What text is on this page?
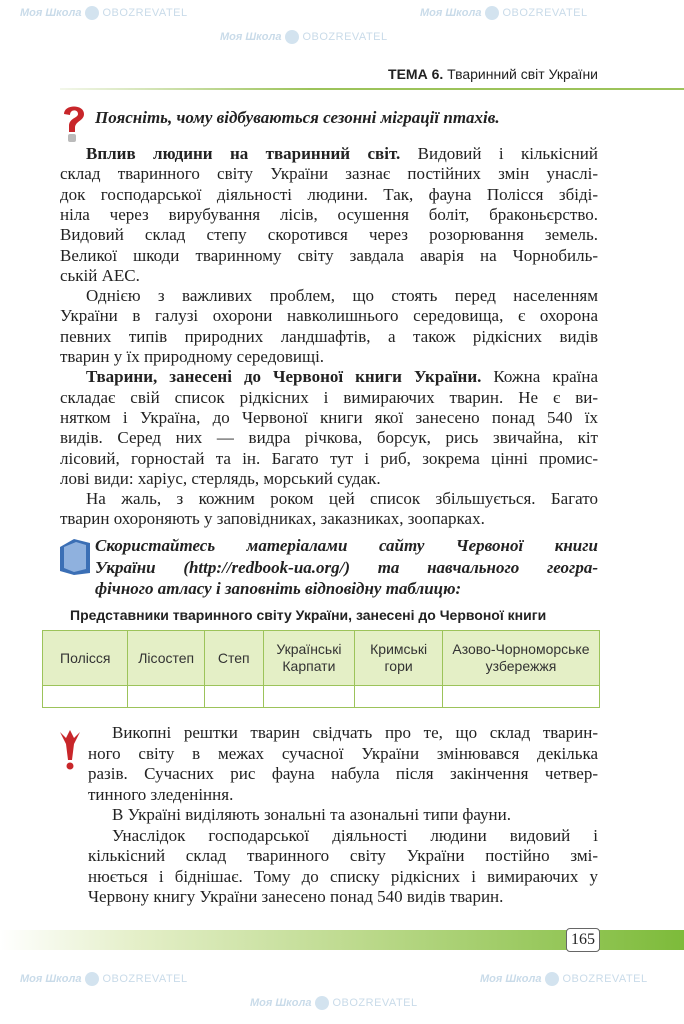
Моя Школа OBOZREVATEL
Моя Школа OBOZREVATEL
Моя Школа OBOZREVATEL
Моя Школа OBOZREVATEL
Моя Школа OBOZREVATEL
Моя Школа OBOZREVATEL
ТЕМА 6. Тваринний світ України
Поясніть, чому відбуваються сезонні міграції птахів.
Вплив людини на тваринний світ. Видовий і кількісний
склад тваринного світу України зазнає постійних змін унаслі-
док господарської діяльності людини. Так, фауна Полісся збіді-
ніла через вирубування лісів, осушення боліт, браконьєрство.
Видовий склад степу скоротився через розорювання земель.
Великої шкоди тваринному світу завдала аварія на Чорнобиль-
ській АЕС.
Однією з важливих проблем, що стоять перед населенням
України в галузі охорони навколишнього середовища, є охорона
певних типів природних ландшафтів, а також рідкісних видів
тварин у їх природному середовищі.
Тварини, занесені до Червоної книги України. Кожна країна
складає свій список рідкісних і вимираючих тварин. Не є ви-
нятком і Україна, до Червоної книги якої занесено понад 540 їх
видів. Серед них — видра річкова, борсук, рись звичайна, кіт
лісовий, горностай та ін. Багато тут і риб, зокрема цінні промис-
лові види: харіус, стерлядь, морський судак.
На жаль, з кожним роком цей список збільшується. Багато
тварин охороняють у заповідниках, заказниках, зоопарках.
Скористайтесь матеріалами сайту Червоної книги
України (http://redbook-ua.org/) та навчального геогра-
фічного атласу і заповніть відповідну таблицю:
Представники тваринного світу України, занесені до Червоної книги
Полісся	Лісостеп	Степ	Українські Карпати	Кримські гори	Азово-Чорноморське узбережжя

Викопні рештки тварин свідчать про те, що склад тварин-
ного світу в межах сучасної України змінювався декілька
разів. Сучасних рис фауна набула після закінчення четвер-
тинного зледеніння.
В Україні виділяють зональні та азональні типи фауни.
Унаслідок господарської діяльності людини видовий і
кількісний склад тваринного світу України постійно змі-
нюється і біднішає. Тому до списку рідкісних і вимираючих у
Червону книгу України занесено понад 540 видів тварин.
165
